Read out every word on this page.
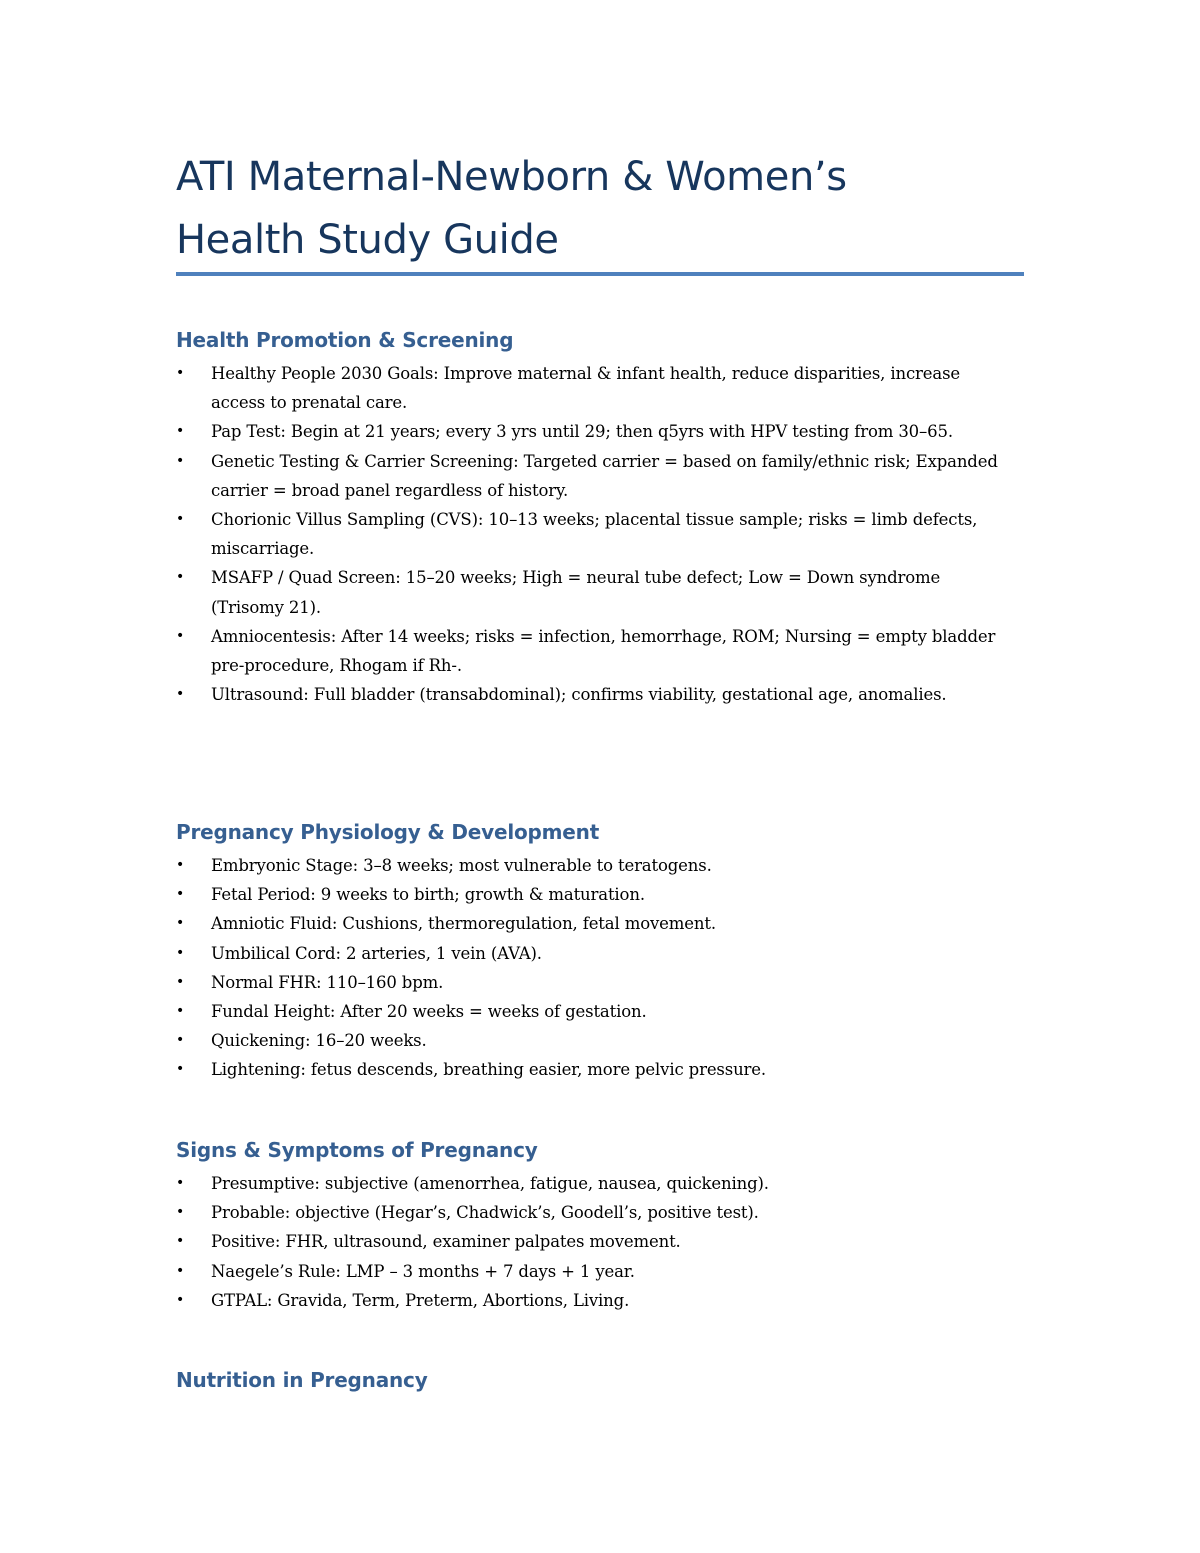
ATI Maternal-Newborn & Women’s
Health Study Guide
Health Promotion & Screening
• Healthy People 2030 Goals: Improve maternal & infant health, reduce disparities, increase access to prenatal care.
• Pap Test: Begin at 21 years; every 3 yrs until 29; then q5yrs with HPV testing from 30–65.
• Genetic Testing & Carrier Screening: Targeted carrier = based on family/ethnic risk; Expanded carrier = broad panel regardless of history.
• Chorionic Villus Sampling (CVS): 10–13 weeks; placental tissue sample; risks = limb defects, miscarriage.
• MSAFP / Quad Screen: 15–20 weeks; High = neural tube defect; Low = Down syndrome (Trisomy 21).
• Amniocentesis: After 14 weeks; risks = infection, hemorrhage, ROM; Nursing = empty bladder pre-procedure, Rhogam if Rh-.
• Ultrasound: Full bladder (transabdominal); confirms viability, gestational age, anomalies.
Pregnancy Physiology & Development
• Embryonic Stage: 3–8 weeks; most vulnerable to teratogens.
• Fetal Period: 9 weeks to birth; growth & maturation.
• Amniotic Fluid: Cushions, thermoregulation, fetal movement.
• Umbilical Cord: 2 arteries, 1 vein (AVA).
• Normal FHR: 110–160 bpm.
• Fundal Height: After 20 weeks = weeks of gestation.
• Quickening: 16–20 weeks.
• Lightening: fetus descends, breathing easier, more pelvic pressure.
Signs & Symptoms of Pregnancy
• Presumptive: subjective (amenorrhea, fatigue, nausea, quickening).
• Probable: objective (Hegar’s, Chadwick’s, Goodell’s, positive test).
• Positive: FHR, ultrasound, examiner palpates movement.
• Naegele’s Rule: LMP – 3 months + 7 days + 1 year.
• GTPAL: Gravida, Term, Preterm, Abortions, Living.
Nutrition in Pregnancy
